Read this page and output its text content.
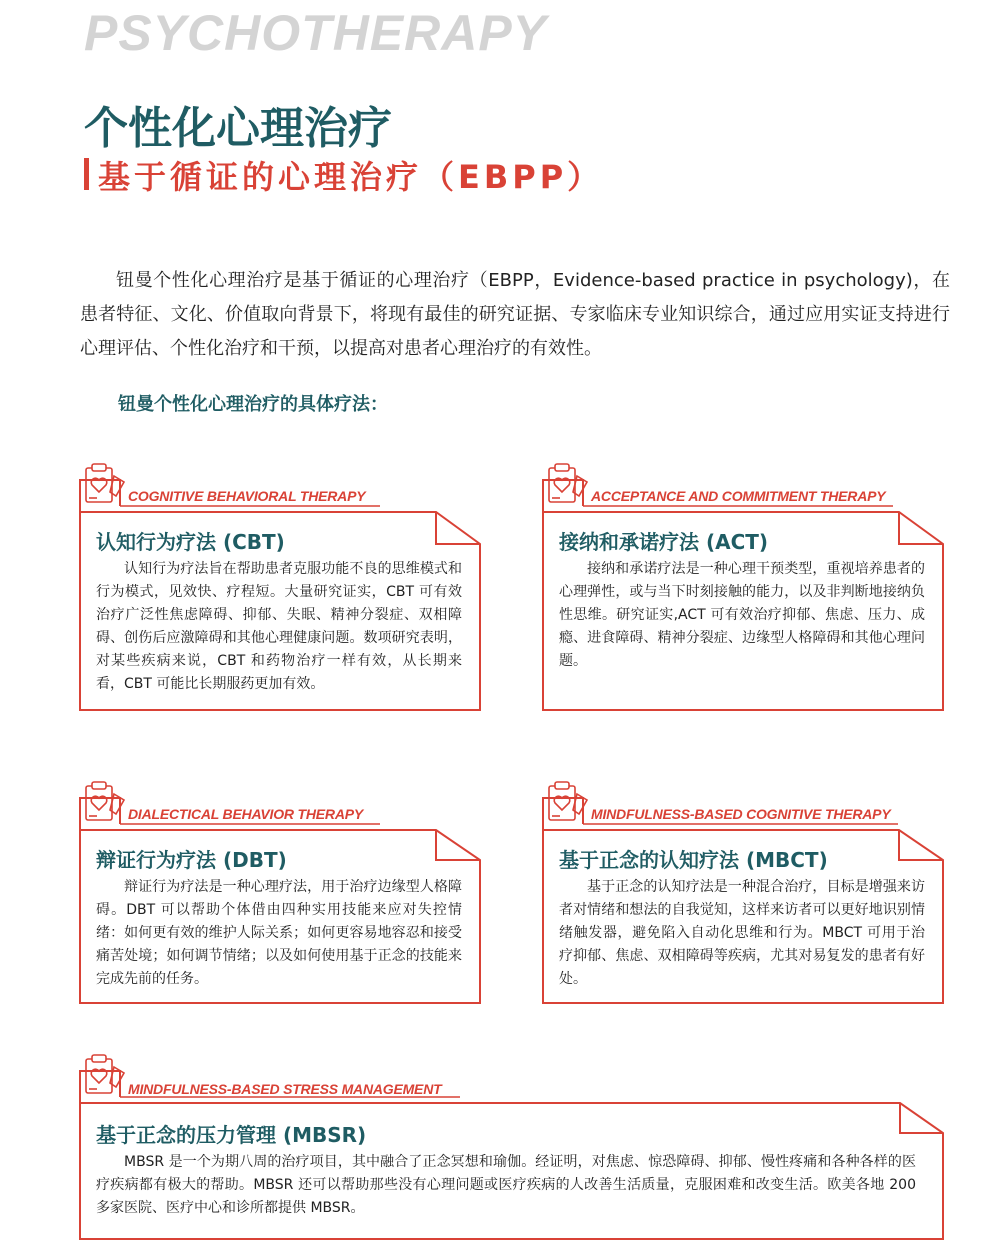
PSYCHOTHERAPY
个性化心理治疗
基于循证的心理治疗（EBPP）
钮曼个性化心理治疗是基于循证的心理治疗（EBPP，Evidence-based practice in psychology)，在患者特征、文化、价值取向背景下，将现有最佳的研究证据、专家临床专业知识综合，通过应用实证支持进行心理评估、个性化治疗和干预，以提高对患者心理治疗的有效性。
钮曼个性化心理治疗的具体疗法：
COGNITIVE BEHAVIORAL THERAPY
认知行为疗法 (CBT)
认知行为疗法旨在帮助患者克服功能不良的思维模式和行为模式，见效快、疗程短。大量研究证实，CBT 可有效治疗广泛性焦虑障碍、抑郁、失眠、精神分裂症、双相障碍、创伤后应激障碍和其他心理健康问题。数项研究表明，对某些疾病来说，CBT 和药物治疗一样有效，从长期来看，CBT 可能比长期服药更加有效。
ACCEPTANCE AND COMMITMENT THERAPY
接纳和承诺疗法 (ACT)
接纳和承诺疗法是一种心理干预类型，重视培养患者的心理弹性，或与当下时刻接触的能力，以及非判断地接纳负性思维。研究证实,ACT 可有效治疗抑郁、焦虑、压力、成瘾、进食障碍、精神分裂症、边缘型人格障碍和其他心理问题。
DIALECTICAL BEHAVIOR THERAPY
辩证行为疗法 (DBT)
辩证行为疗法是一种心理疗法，用于治疗边缘型人格障碍。DBT 可以帮助个体借由四种实用技能来应对失控情绪：如何更有效的维护人际关系；如何更容易地容忍和接受痛苦处境；如何调节情绪；以及如何使用基于正念的技能来完成先前的任务。
MINDFULNESS-BASED COGNITIVE THERAPY
基于正念的认知疗法 (MBCT)
基于正念的认知疗法是一种混合治疗，目标是增强来访者对情绪和想法的自我觉知，这样来访者可以更好地识别情绪触发器，避免陷入自动化思维和行为。MBCT 可用于治疗抑郁、焦虑、双相障碍等疾病，尤其对易复发的患者有好处。
MINDFULNESS-BASED STRESS MANAGEMENT
基于正念的压力管理 (MBSR)
MBSR 是一个为期八周的治疗项目，其中融合了正念冥想和瑜伽。经证明，对焦虑、惊恐障碍、抑郁、慢性疼痛和各种各样的医疗疾病都有极大的帮助。MBSR 还可以帮助那些没有心理问题或医疗疾病的人改善生活质量，克服困难和改变生活。欧美各地 200 多家医院、医疗中心和诊所都提供 MBSR。
